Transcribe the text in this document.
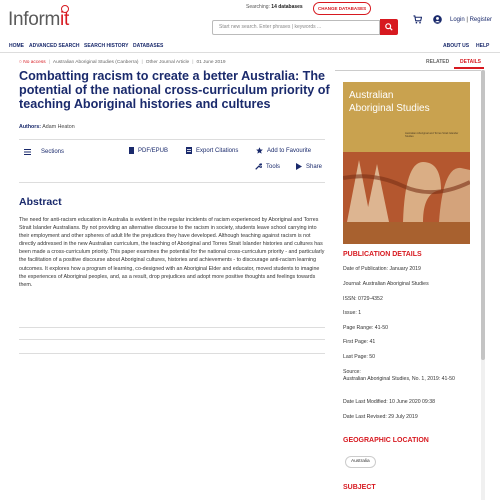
Informit
Searching: 14 databases	CHANGE DATABASES
Start new search. Enter phrases | keywords ...
Login | Register
HOME ADVANCED SEARCH SEARCH HISTORY DATABASES	ABOUT US HELP
○ No access | Australian Aboriginal Studies (Canberra) | Other Journal Article | 01 June 2019
Combatting racism to create a better Australia: The potential of the national cross-curriculum priority of teaching Aboriginal histories and cultures
Authors: Adam Heaton
Sections	PDF/EPUB	Export Citations	Add to Favourite
Tools	Share
Abstract
The need for anti-racism education in Australia is evident in the regular incidents of racism experienced by Aboriginal and Torres Strait Islander Australians. By not providing an alternative discourse to the racism in society, students leave school carrying into their employment and other spheres of adult life the prejudices they have developed. Although teaching against racism is not directly addressed in the new Australian curriculum, the teaching of Aboriginal and Torres Strait Islander histories and cultures has been made a cross-curriculum priority. This paper examines the potential for the national cross-curriculum priority - and particularly the facilitation of a positive discourse about Aboriginal cultures, histories and achievements - to discourage anti-racism learning outcomes. It explores how a program of learning, co-designed with an Aboriginal Elder and educator, moved students to imagine the experiences of Aboriginal peoples, and, as a result, drop prejudices and adopt more positive thoughts and feelings towards them.
RELATED DETAILS
Australian
Aboriginal Studies
Australian Aboriginal and Torres Strait Islander Studies
PUBLICATION DETAILS
Date of Publication: January 2019
Journal: Australian Aboriginal Studies
ISSN: 0729-4352
Issue: 1
Page Range: 41-50
First Page: 41
Last Page: 50
Source:
Australian Aboriginal Studies, No. 1, 2019: 41-50
Date Last Modified: 10 June 2020 09:38
Date Last Revised: 29 July 2019
GEOGRAPHIC LOCATION
Australia
SUBJECT
